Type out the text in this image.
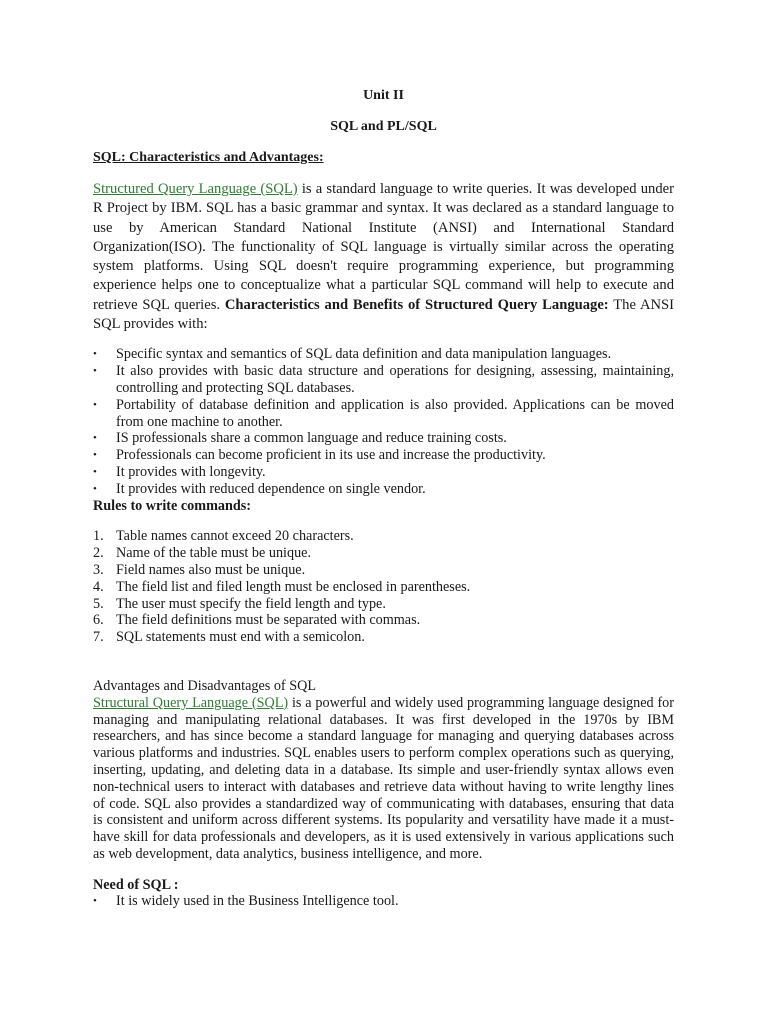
Unit II

SQL and PL/SQL

SQL: Characteristics and Advantages:

Structured Query Language (SQL) is a standard language to write queries. It was developed under R Project by IBM. SQL has a basic grammar and syntax. It was declared as a standard language to use by American Standard National Institute (ANSI) and International Standard Organization(ISO). The functionality of SQL language is virtually similar across the operating system platforms. Using SQL doesn't require programming experience, but programming experience helps one to conceptualize what a particular SQL command will help to execute and retrieve SQL queries. Characteristics and Benefits of Structured Query Language: The ANSI SQL provides with:

• Specific syntax and semantics of SQL data definition and data manipulation languages.
• It also provides with basic data structure and operations for designing, assessing, maintaining, controlling and protecting SQL databases.
• Portability of database definition and application is also provided. Applications can be moved from one machine to another.
• IS professionals share a common language and reduce training costs.
• Professionals can become proficient in its use and increase the productivity.
• It provides with longevity.
• It provides with reduced dependence on single vendor.

Rules to write commands:

1. Table names cannot exceed 20 characters.
2. Name of the table must be unique.
3. Field names also must be unique.
4. The field list and filed length must be enclosed in parentheses.
5. The user must specify the field length and type.
6. The field definitions must be separated with commas.
7. SQL statements must end with a semicolon.

Advantages and Disadvantages of SQL

Structural Query Language (SQL) is a powerful and widely used programming language designed for managing and manipulating relational databases. It was first developed in the 1970s by IBM researchers, and has since become a standard language for managing and querying databases across various platforms and industries. SQL enables users to perform complex operations such as querying, inserting, updating, and deleting data in a database. Its simple and user-friendly syntax allows even non-technical users to interact with databases and retrieve data without having to write lengthy lines of code. SQL also provides a standardized way of communicating with databases, ensuring that data is consistent and uniform across different systems. Its popularity and versatility have made it a must-have skill for data professionals and developers, as it is used extensively in various applications such as web development, data analytics, business intelligence, and more.

Need of SQL :

• It is widely used in the Business Intelligence tool.
